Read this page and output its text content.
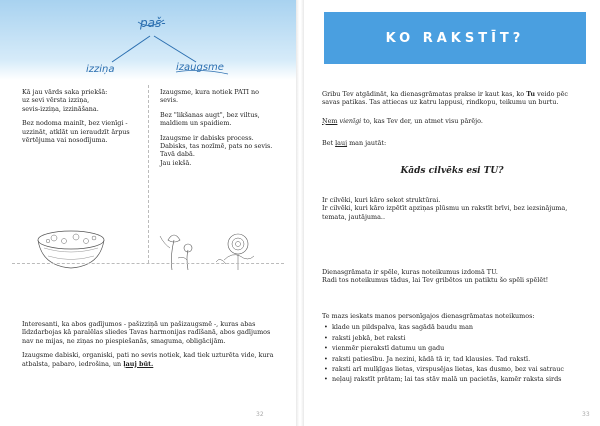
paš-
izziņa	izaugsme

Kā jau vārds saka priekšā:
uz sevi vērsta izziņa,
sevis-izziņa, izzināšana.

Bez nodoma mainīt, bez vienīgi -
uzzināt, atklāt un ieraudzīt ārpus
vērtējuma vai nosodījuma.

Izaugsme, kura notiek PATI no
sevis.

Bez "likšanas augt", bez viltus,
maldiem un spaidiem.

Izaugsme ir dabisks process.
Dabisks, tas nozīmē, pats no sevis.
Tavā dabā.
Jau iekšā.

Interesanti, ka abos gadījumos - pašizziņā un pašizaugsmē -, kuras abas
līdzdarbojas kā paralēlas sliedes Tavas harmonijas radīšanā, abos gadījumos
nav ne mijas, ne ziņas no piespiešanās, smaguma, obligācijām.

Izaugsme dabiski, organiski, pati no sevis notiek, kad tiek uzturēta vide, kura
atbalsta, pabaro, iedrošina, un ļauj būt.

32
KO RAKSTĪT?

Gribu Tev atgādināt, ka dienasgrāmatas prakse ir kaut kas, ko Tu veido pēc
savas patikas. Tas attiecas uz katru lappusi, rindkopu, teikumu un burtu.

Ņem vienīgi to, kas Tev der, un atmet visu pārējo.

Bet ļauj man jautāt:

Kāds cilvēks esi TU?

Ir cilvēki, kuri kāro sekot struktūrai.
Ir cilvēki, kuri kāro izpētīt apziņas plūsmu un rakstīt brīvi, bez iezsinājuma,
temata, jautājuma..

Dienasgrāmata ir spēle, kuras noteikumus izdomā TU.
Radi tos noteikumus tādus, lai Tev gribētos un patiktu šo spēli spēlēt!

Te mazs ieskats manos personīgajos dienasgrāmatas noteikumos:

• klade un pildspalva, kas sagādā baudu man
• raksti jebkā, bet raksti
• vienmēr pierakstī datumu un gadu
• raksti patiesību. Ja nezini, kādā tā ir, tad klausies. Tad rakstī.
• raksti arī mulķīgas lietas, virspusējas lietas, kas dusmo, bez vai satrauc
• neļauj rakstīt prātam; lai tas stāv malā un pacietās, kamēr raksta sirds
33
